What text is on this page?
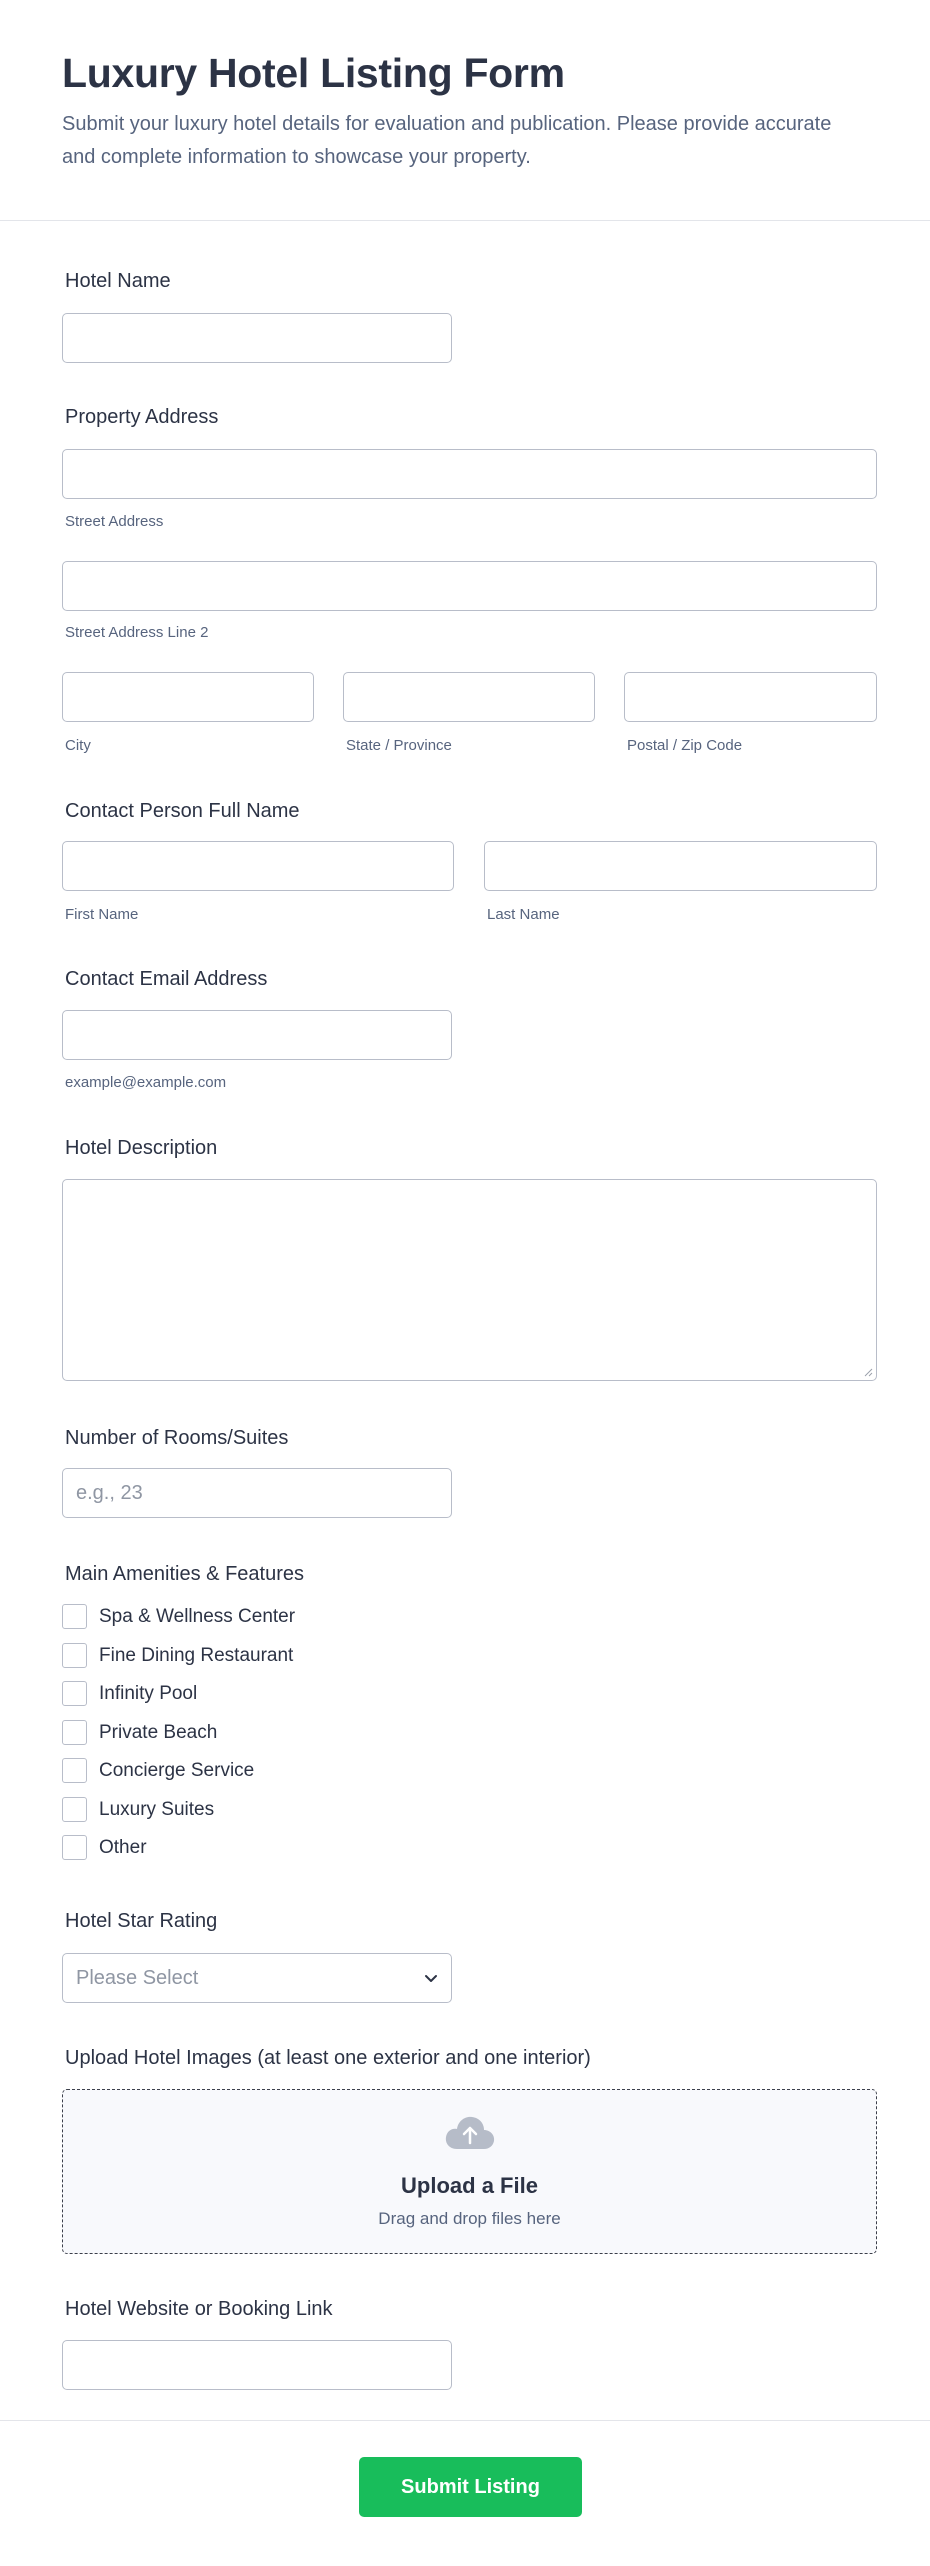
Luxury Hotel Listing Form

Submit your luxury hotel details for evaluation and publication. Please provide accurate and complete information to showcase your property.

Hotel Name
Property Address
Street Address
Street Address Line 2
City	State / Province	Postal / Zip Code
Contact Person Full Name
First Name	Last Name
Contact Email Address
example@example.com
Hotel Description
Number of Rooms/Suites
e.g., 23
Main Amenities & Features
Spa & Wellness Center
Fine Dining Restaurant
Infinity Pool
Private Beach
Concierge Service
Luxury Suites
Other
Hotel Star Rating
Please Select
Upload Hotel Images (at least one exterior and one interior)
Upload a File
Drag and drop files here
Hotel Website or Booking Link
Submit Listing
